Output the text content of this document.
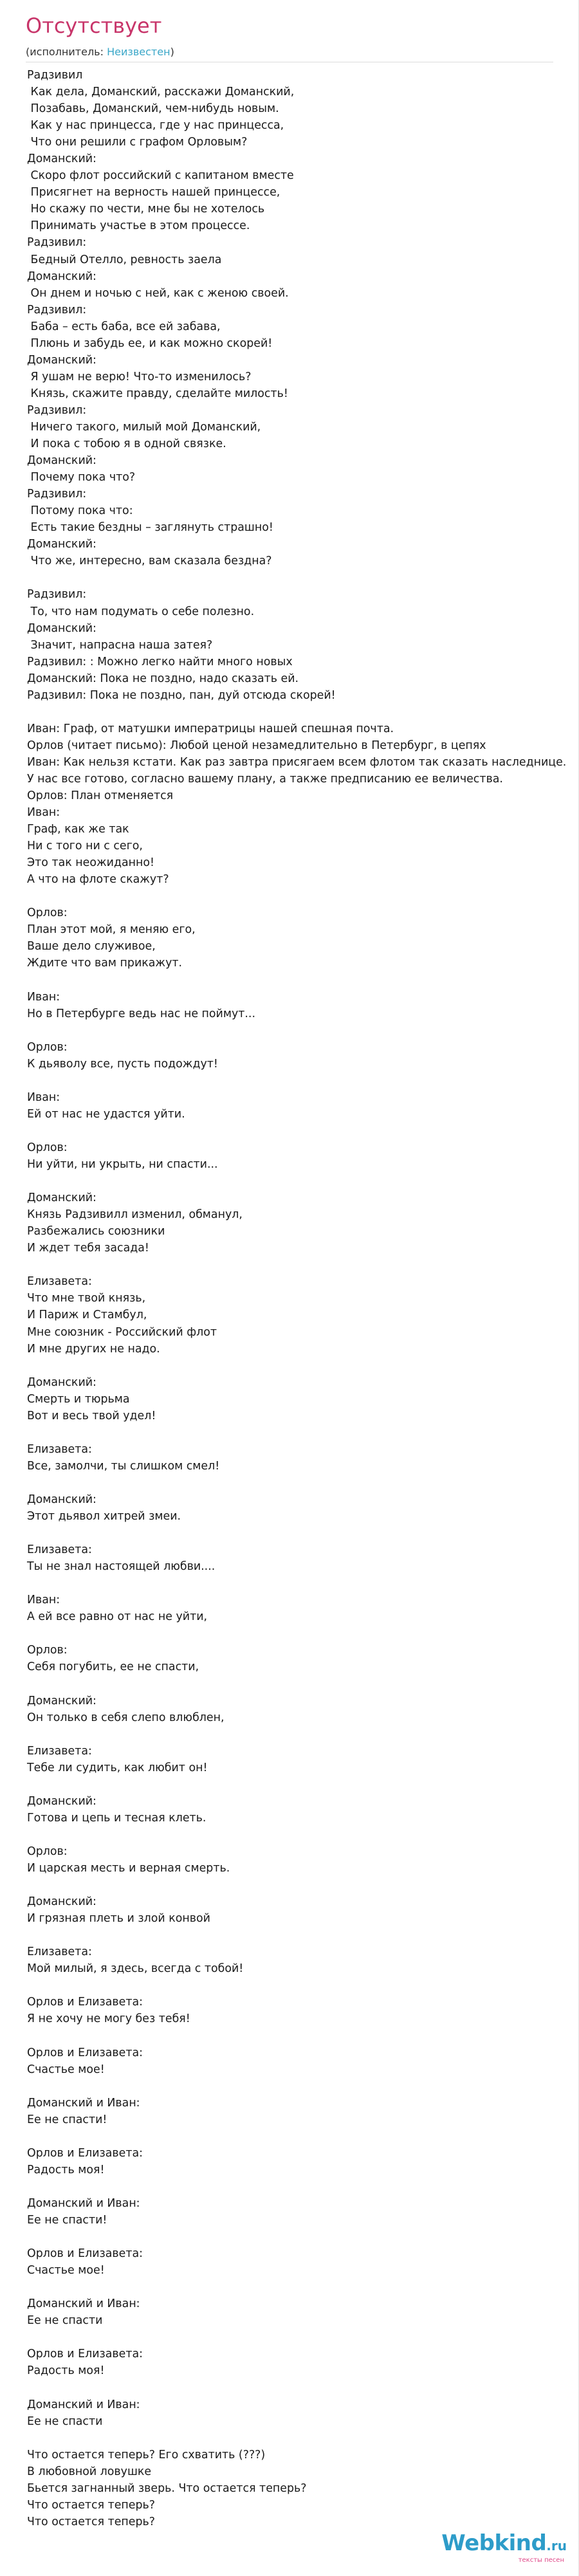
Отсутствует
(исполнитель: Неизвестен)
Радзивил
Как дела, Доманский, расскажи Доманский,
Позабавь, Доманский, чем-нибудь новым.
Как у нас принцесса, где у нас принцесса,
Что они решили с графом Орловым?
Доманский:
Скоро флот российский с капитаном вместе
Присягнет на верность нашей принцессе,
Но скажу по чести, мне бы не хотелось
Принимать участье в этом процессе.
Радзивил:
Бедный Отелло, ревность заела
Доманский:
Он днем и ночью с ней, как с женою своей.
Радзивил:
Баба – есть баба, все ей забава,
Плюнь и забудь ее, и как можно скорей!
Доманский:
Я ушам не верю! Что-то изменилось?
Князь, скажите правду, сделайте милость!
Радзивил:
Ничего такого, милый мой Доманский,
И пока с тобою я в одной связке.
Доманский:
Почему пока что?
Радзивил:
Потому пока что:
Есть такие бездны – заглянуть страшно!
Доманский:
Что же, интересно, вам сказала бездна?

Радзивил:
То, что нам подумать о себе полезно.
Доманский:
Значит, напрасна наша затея?
Радзивил: : Можно легко найти много новых
Доманский: Пока не поздно, надо сказать ей.
Радзивил: Пока не поздно, пан, дуй отсюда скорей!

Иван: Граф, от матушки императрицы нашей спешная почта.
Орлов (читает письмо): Любой ценой незамедлительно в Петербург, в цепях
Иван: Как нельзя кстати. Как раз завтра присягаем всем флотом так сказать наследнице.
У нас все готово, согласно вашему плану, а также предписанию ее величества.
Орлов: План отменяется
Иван:
Граф, как же так
Ни с того ни с сего,
Это так неожиданно!
А что на флоте скажут?

Орлов:
План этот мой, я меняю его,
Ваше дело служивое,
Ждите что вам прикажут.

Иван:
Но в Петербурге ведь нас не поймут...

Орлов:
К дьяволу все, пусть подождут!

Иван:
Ей от нас не удастся уйти.

Орлов:
Ни уйти, ни укрыть, ни спасти...

Доманский:
Князь Радзивилл изменил, обманул,
Разбежались союзники
И ждет тебя засада!

Елизавета:
Что мне твой князь,
И Париж и Стамбул,
Мне союзник - Российский флот
И мне других не надо.

Доманский:
Смерть и тюрьма
Вот и весь твой удел!

Елизавета:
Все, замолчи, ты слишком смел!

Доманский:
Этот дьявол хитрей змеи.

Елизавета:
Ты не знал настоящей любви....

Иван:
А ей все равно от нас не уйти,

Орлов:
Себя погубить, ее не спасти,

Доманский:
Он только в себя слепо влюблен,

Елизавета:
Тебе ли судить, как любит он!

Доманский:
Готова и цепь и тесная клеть.

Орлов:
И царская месть и верная смерть.

Доманский:
И грязная плеть и злой конвой

Елизавета:
Мой милый, я здесь, всегда с тобой!

Орлов и Елизавета:
Я не хочу не могу без тебя!

Орлов и Елизавета:
Счастье мое!

Доманский и Иван:
Ее не спасти!

Орлов и Елизавета:
Радость моя!

Доманский и Иван:
Ее не спасти!

Орлов и Елизавета:
Счастье мое!

Доманский и Иван:
Ее не спасти

Орлов и Елизавета:
Радость моя!

Доманский и Иван:
Ее не спасти

Что остается теперь? Его схватить (???)
В любовной ловушке
Бьется загнанный зверь. Что остается теперь?
Что остается теперь?
Что остается теперь?
Webkind.ru
тексты песен
